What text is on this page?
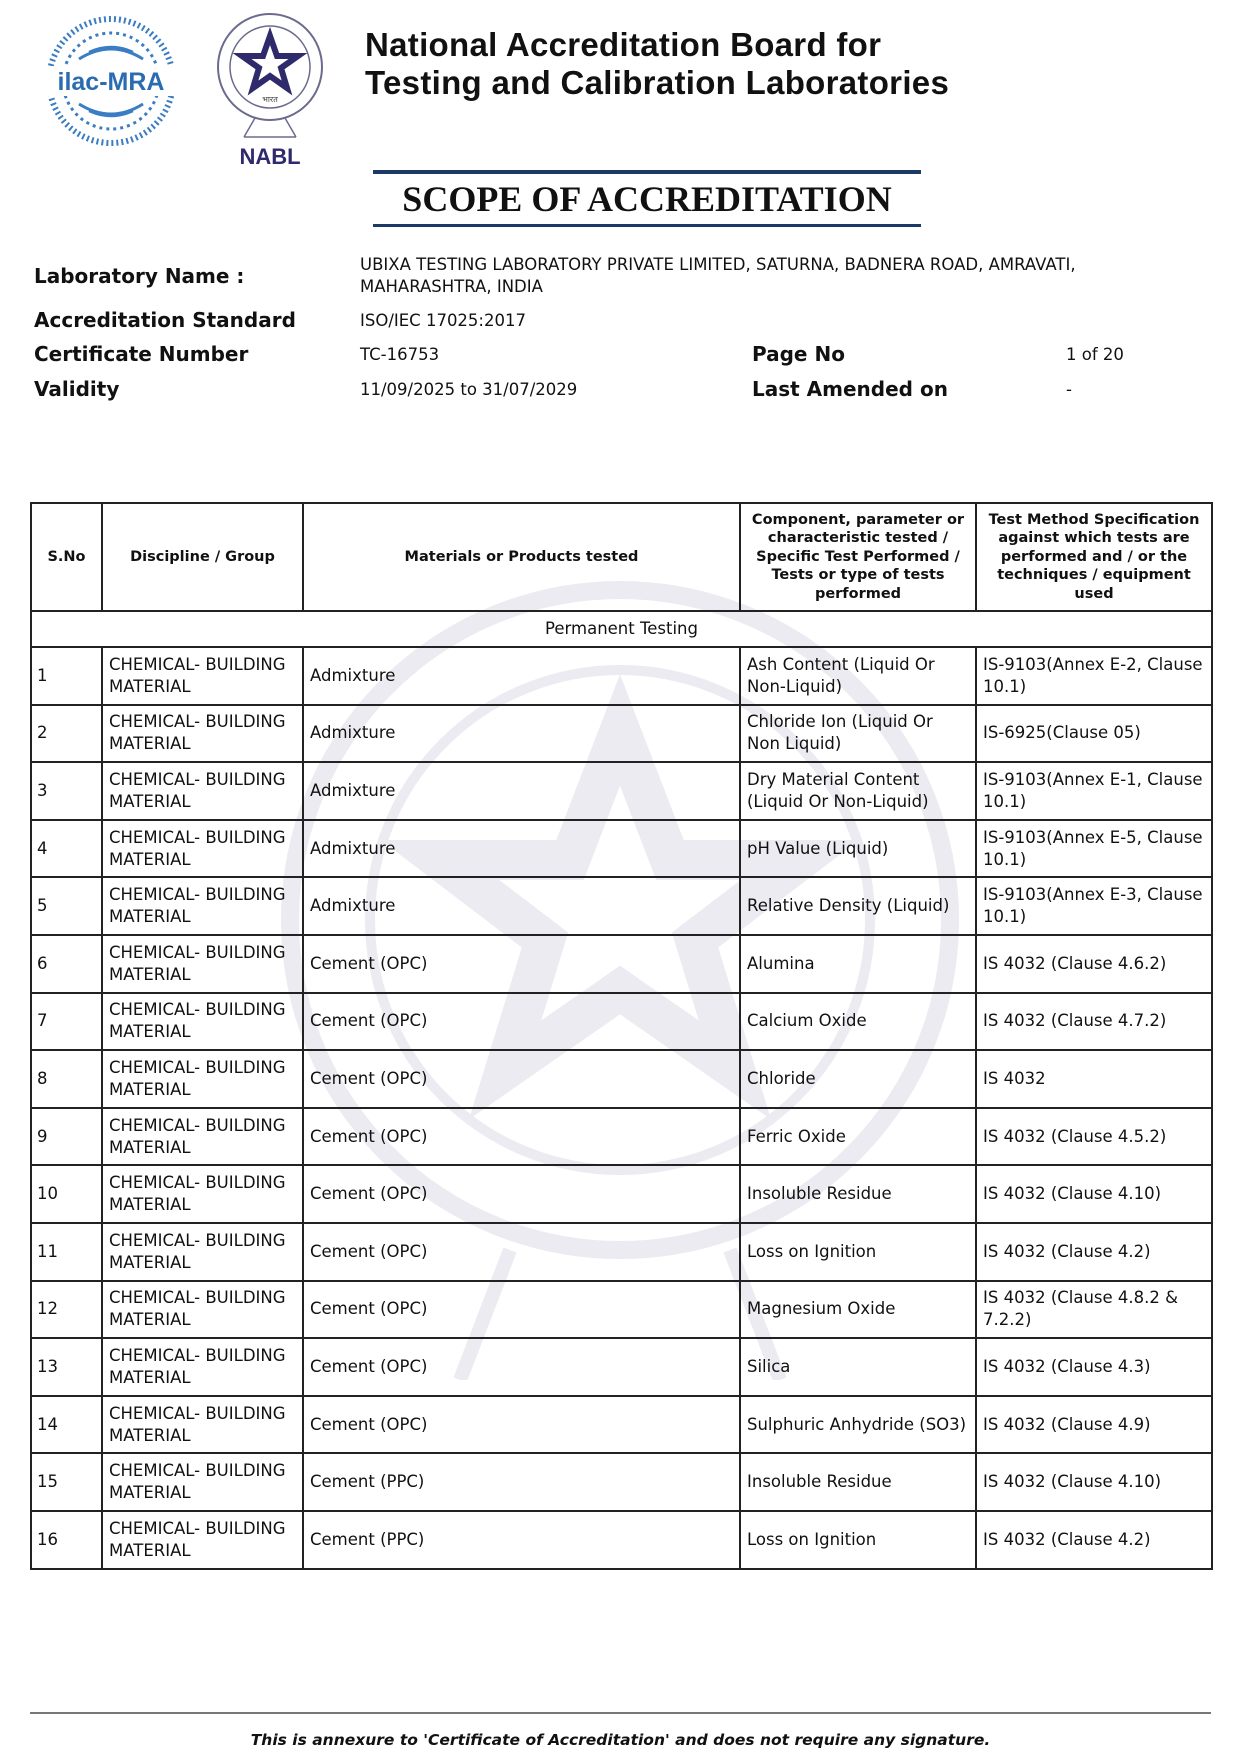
ilac-MRA
भारत
NABL
National Accreditation Board for
Testing and Calibration Laboratories
SCOPE OF ACCREDITATION
Laboratory Name :	UBIXA TESTING LABORATORY PRIVATE LIMITED, SATURNA, BADNERA ROAD, AMRAVATI,
MAHARASHTRA, INDIA
Accreditation Standard	ISO/IEC 17025:2017
Certificate Number	TC-16753	Page No	1 of 20
Validity	11/09/2025 to 31/07/2029	Last Amended on	-
S.No	Discipline / Group	Materials or Products tested	Component, parameter or characteristic tested / Specific Test Performed / Tests or type of tests performed	Test Method Specification against which tests are performed and / or the techniques / equipment used
Permanent Testing				
1	CHEMICAL- BUILDING MATERIAL	Admixture	Ash Content (Liquid Or Non-Liquid)	IS-9103(Annex E-2, Clause 10.1)
2	CHEMICAL- BUILDING MATERIAL	Admixture	Chloride Ion (Liquid Or Non Liquid)	IS-6925(Clause 05)
3	CHEMICAL- BUILDING MATERIAL	Admixture	Dry Material Content (Liquid Or Non-Liquid)	IS-9103(Annex E-1, Clause 10.1)
4	CHEMICAL- BUILDING MATERIAL	Admixture	pH Value (Liquid)	IS-9103(Annex E-5, Clause 10.1)
5	CHEMICAL- BUILDING MATERIAL	Admixture	Relative Density (Liquid)	IS-9103(Annex E-3, Clause 10.1)
6	CHEMICAL- BUILDING MATERIAL	Cement (OPC)	Alumina	IS 4032 (Clause 4.6.2)
7	CHEMICAL- BUILDING MATERIAL	Cement (OPC)	Calcium Oxide	IS 4032 (Clause 4.7.2)
8	CHEMICAL- BUILDING MATERIAL	Cement (OPC)	Chloride	IS 4032
9	CHEMICAL- BUILDING MATERIAL	Cement (OPC)	Ferric Oxide	IS 4032 (Clause 4.5.2)
10	CHEMICAL- BUILDING MATERIAL	Cement (OPC)	Insoluble Residue	IS 4032 (Clause 4.10)
11	CHEMICAL- BUILDING MATERIAL	Cement (OPC)	Loss on Ignition	IS 4032 (Clause 4.2)
12	CHEMICAL- BUILDING MATERIAL	Cement (OPC)	Magnesium Oxide	IS 4032 (Clause 4.8.2 & 7.2.2)
13	CHEMICAL- BUILDING MATERIAL	Cement (OPC)	Silica	IS 4032 (Clause 4.3)
14	CHEMICAL- BUILDING MATERIAL	Cement (OPC)	Sulphuric Anhydride (SO3)	IS 4032 (Clause 4.9)
15	CHEMICAL- BUILDING MATERIAL	Cement (PPC)	Insoluble Residue	IS 4032 (Clause 4.10)
16	CHEMICAL- BUILDING MATERIAL	Cement (PPC)	Loss on Ignition	IS 4032 (Clause 4.2)
This is annexure to 'Certificate of Accreditation' and does not require any signature.
